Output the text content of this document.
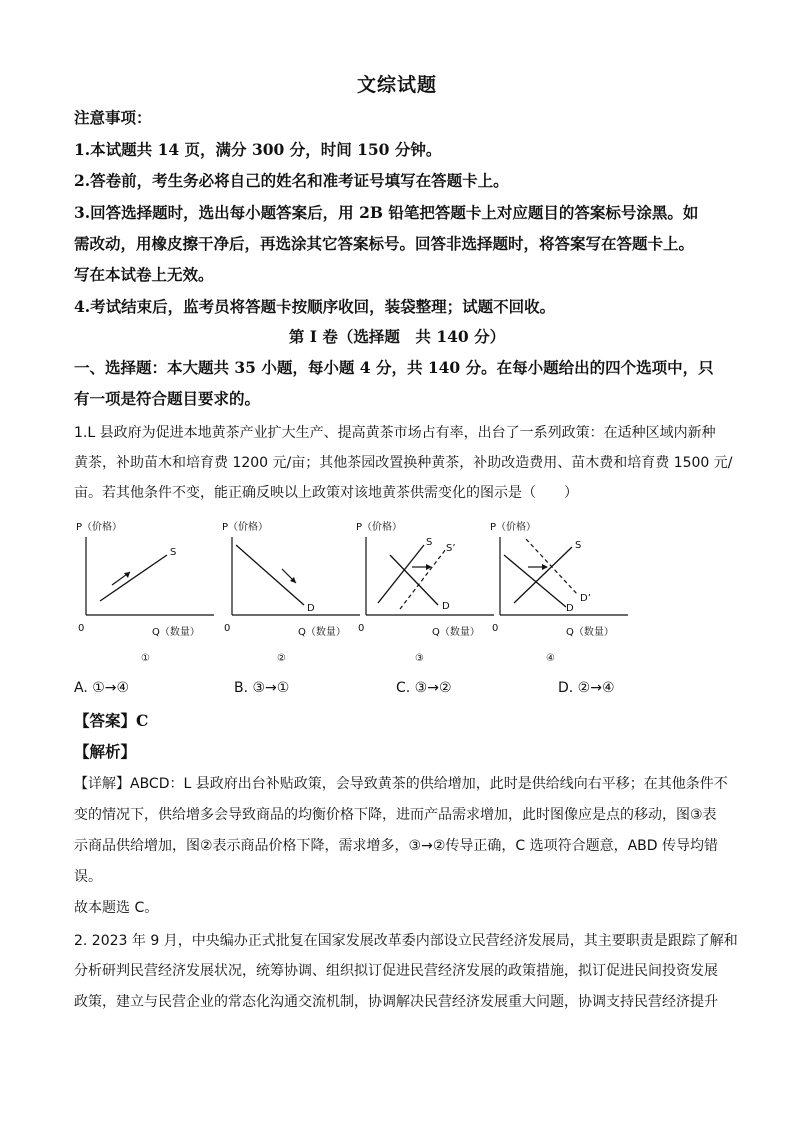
文综试题
注意事项：
1.本试题共 14 页，满分 300 分，时间 150 分钟。
2.答卷前，考生务必将自己的姓名和准考证号填写在答题卡上。
3.回答选择题时，选出每小题答案后，用 2B 铅笔把答题卡上对应题目的答案标号涂黑。如
需改动，用橡皮擦干净后，再选涂其它答案标号。回答非选择题时，将答案写在答题卡上。
写在本试卷上无效。
4.考试结束后，监考员将答题卡按顺序收回，装袋整理；试题不回收。
第 I 卷（选择题　共 140 分）
一、选择题：本大题共 35 小题，每小题 4 分，共 140 分。在每小题给出的四个选项中，只
有一项是符合题目要求的。
1.L 县政府为促进本地黄茶产业扩大生产、提高黄茶市场占有率，出台了一系列政策：在适种区域内新种
黄茶，补助苗木和培育费 1200 元/亩；其他茶园改置换种黄茶，补助改造费用、苗木费和培育费 1500 元/
亩。若其他条件不变，能正确反映以上政策对该地黄茶供需变化的图示是（　　）
P（价格）
Q（数量）
0
S
①
P（价格）
Q（数量）
0
D
②
P（价格）
Q（数量）
0
S
S’
D
③
P（价格）
Q（数量）
0
S
D
D’
④
A. ①→④	B. ③→①	C. ③→②	D. ②→④
【答案】C
【解析】
【详解】ABCD：L 县政府出台补贴政策，会导致黄茶的供给增加，此时是供给线向右平移；在其他条件不
变的情况下，供给增多会导致商品的均衡价格下降，进而产品需求增加，此时图像应是点的移动，图③表
示商品供给增加，图②表示商品价格下降，需求增多，③→②传导正确，C 选项符合题意，ABD 传导均错
误。
故本题选 C。
2. 2023 年 9 月，中央编办正式批复在国家发展改革委内部设立民营经济发展局，其主要职责是跟踪了解和
分析研判民营经济发展状况，统筹协调、组织拟订促进民营经济发展的政策措施，拟订促进民间投资发展
政策，建立与民营企业的常态化沟通交流机制，协调解决民营经济发展重大问题，协调支持民营经济提升
